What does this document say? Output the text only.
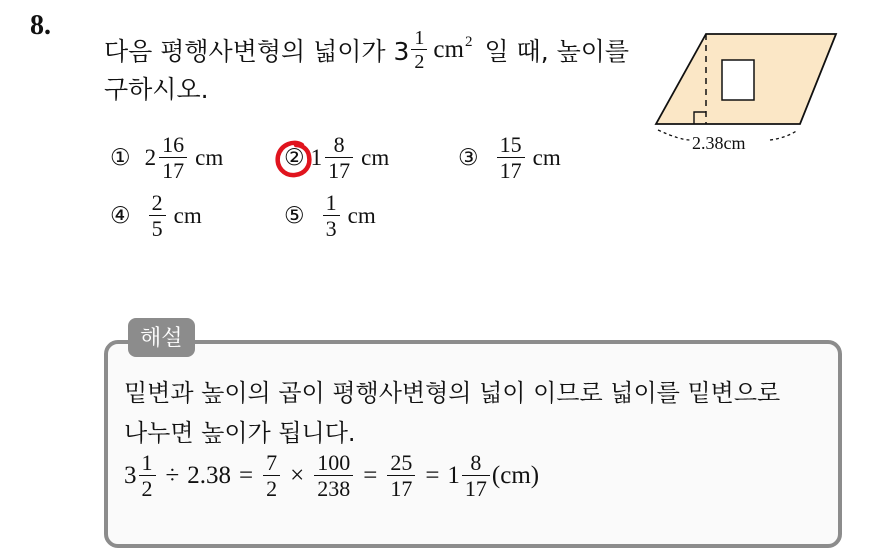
8.
다음 평행사변형의 넓이가 $3 \frac{1}{2} cm^2$ 일 때, 높이를
구하시오.
① $2 \frac{16}{17}$ cm	② $1 \frac{8}{17}$ cm	③ $\frac{15}{17}$ cm
④ $\frac{2}{5}$ cm	⑤ $\frac{1}{3}$ cm
2.38cm
해설
밑변과 높이의 곱이 평행사변형의 넓이 이므로 넓이를 밑변으로
나누면 높이가 됩니다.
$3 \frac{1}{2} \div 2.38 = \frac{7}{2} \times \frac{100}{238} = \frac{25}{17} = 1 \frac{8}{17} (cm)$
